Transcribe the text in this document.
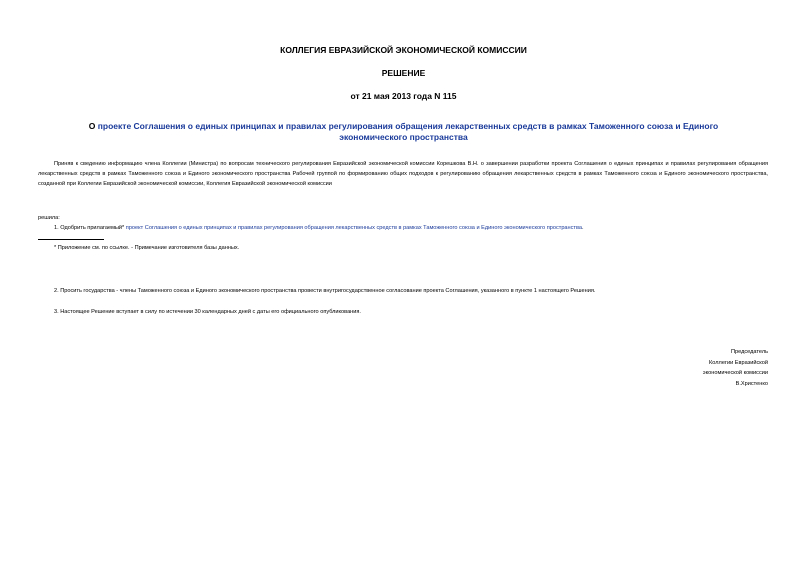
КОЛЛЕГИЯ ЕВРАЗИЙСКОЙ ЭКОНОМИЧЕСКОЙ КОМИССИИ

РЕШЕНИЕ

от 21 мая 2013 года N 115

О проекте Соглашения о единых принципах и правилах регулирования обращения лекарственных средств в рамках Таможенного союза и Единого экономического пространства

Приняв к сведению информацию члена Коллегии (Министра) по вопросам технического регулирования Евразийской экономической комиссии Корешкова В.Н. о завершении разработки проекта Соглашения о единых принципах и правилах регулирования обращения лекарственных средств в рамках Таможенного союза и Единого экономического пространства Рабочей группой по формированию общих подходов к регулированию обращения лекарственных средств в рамках Таможенного союза и Единого экономического пространства, созданной при Коллегии Евразийской экономической комиссии, Коллегия Евразийской экономической комиссии

решила:

1. Одобрить прилагаемый* проект Соглашения о единых принципах и правилах регулирования обращения лекарственных средств в рамках Таможенного союза и Единого экономического пространства.

* Приложение см. по ссылке. - Примечание изготовителя базы данных.

2. Просить государства - члены Таможенного союза и Единого экономического пространства провести внутригосударственное согласование проекта Соглашения, указанного в пункте 1 настоящего Решения.

3. Настоящее Решение вступает в силу по истечении 30 календарных дней с даты его официального опубликования.

Председатель
Коллегии Евразийской
экономической комиссии
В.Христенко
